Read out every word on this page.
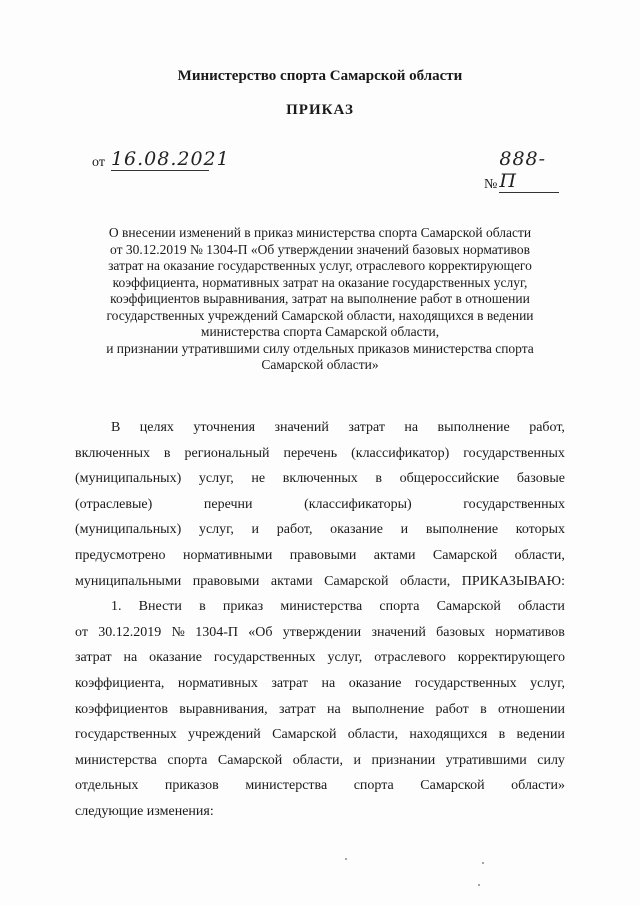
Министерство спорта Самарской области
ПРИКАЗ
от 16.08.2021
№888-П
О внесении изменений в приказ министерства спорта Самарской области
от 30.12.2019 № 1304-П «Об утверждении значений базовых нормативов
затрат на оказание государственных услуг, отраслевого корректирующего
коэффициента, нормативных затрат на оказание государственных услуг,
коэффициентов выравнивания, затрат на выполнение работ в отношении
государственных учреждений Самарской области, находящихся в ведении
министерства спорта Самарской области,
и признании утратившими силу отдельных приказов министерства спорта
Самарской области»
В целях уточнения значений затрат на выполнение работ,
включенных в региональный перечень (классификатор) государственных
(муниципальных) услуг, не включенных в общероссийские базовые
(отраслевые)	перечни	(классификаторы)	государственных
(муниципальных) услуг, и работ, оказание и выполнение которых
предусмотрено нормативными правовыми актами Самарской области,
муниципальными правовыми актами Самарской области, ПРИКАЗЫВАЮ:
1. Внести в приказ министерства спорта Самарской области
от 30.12.2019 № 1304-П «Об утверждении значений базовых нормативов
затрат на оказание государственных услуг, отраслевого корректирующего
коэффициента, нормативных затрат на оказание государственных услуг,
коэффициентов выравнивания, затрат на выполнение работ в отношении
государственных учреждений Самарской области, находящихся в ведении
министерства спорта Самарской области, и признании утратившими силу
отдельных приказов министерства спорта Самарской области»
следующие изменения:
